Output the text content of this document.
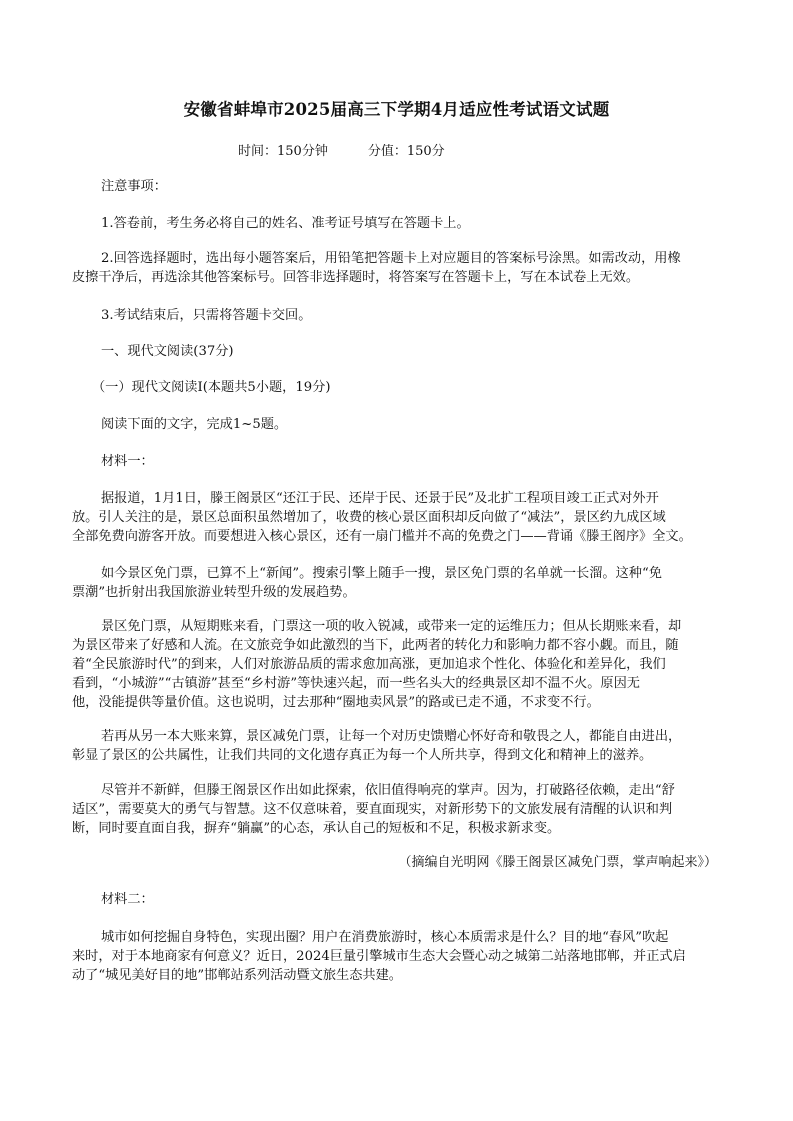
安徽省蚌埠市2025届高三下学期4月适应性考试语文试题
时间：150分钟	分值：150分
注意事项：
1.答卷前，考生务必将自己的姓名、准考证号填写在答题卡上。
2.回答选择题时，选出每小题答案后，用铅笔把答题卡上对应题目的答案标号涂黑。如需改动，用橡
皮擦干净后，再选涂其他答案标号。回答非选择题时，将答案写在答题卡上，写在本试卷上无效。
3.考试结束后，只需将答题卡交回。
一、现代文阅读(37分)
（一）现代文阅读Ⅰ(本题共5小题，19分)
阅读下面的文字，完成1~5题。
材料一：
据报道，1月1日，滕王阁景区“还江于民、还岸于民、还景于民”及北扩工程项目竣工正式对外开
放。引人关注的是，景区总面积虽然增加了，收费的核心景区面积却反向做了“减法”，景区约九成区域
全部免费向游客开放。而要想进入核心景区，还有一扇门槛并不高的免费之门——背诵《滕王阁序》全文。
如今景区免门票，已算不上“新闻”。搜索引擎上随手一搜，景区免门票的名单就一长溜。这种“免
票潮”也折射出我国旅游业转型升级的发展趋势。
景区免门票，从短期账来看，门票这一项的收入锐减，或带来一定的运维压力；但从长期账来看，却
为景区带来了好感和人流。在文旅竞争如此激烈的当下，此两者的转化力和影响力都不容小觑。而且，随
着“全民旅游时代”的到来，人们对旅游品质的需求愈加高涨，更加追求个性化、体验化和差异化，我们
看到，“小城游”“古镇游”甚至“乡村游”等快速兴起，而一些名头大的经典景区却不温不火。原因无
他，没能提供等量价值。这也说明，过去那种“圈地卖风景”的路或已走不通，不求变不行。
若再从另一本大账来算，景区减免门票，让每一个对历史馈赠心怀好奇和敬畏之人，都能自由进出，
彰显了景区的公共属性，让我们共同的文化遗存真正为每一个人所共享，得到文化和精神上的滋养。
尽管并不新鲜，但滕王阁景区作出如此探索，依旧值得响亮的掌声。因为，打破路径依赖，走出“舒
适区”，需要莫大的勇气与智慧。这不仅意味着，要直面现实，对新形势下的文旅发展有清醒的认识和判
断，同时要直面自我，摒弃“躺赢”的心态，承认自己的短板和不足，积极求新求变。
（摘编自光明网《滕王阁景区减免门票，掌声响起来》）
材料二：
城市如何挖掘自身特色，实现出圈？用户在消费旅游时，核心本质需求是什么？目的地“春风”吹起
来时，对于本地商家有何意义？近日，2024巨量引擎城市生态大会暨心动之城第二站落地邯郸，并正式启
动了“城见美好目的地”邯郸站系列活动暨文旅生态共建。
